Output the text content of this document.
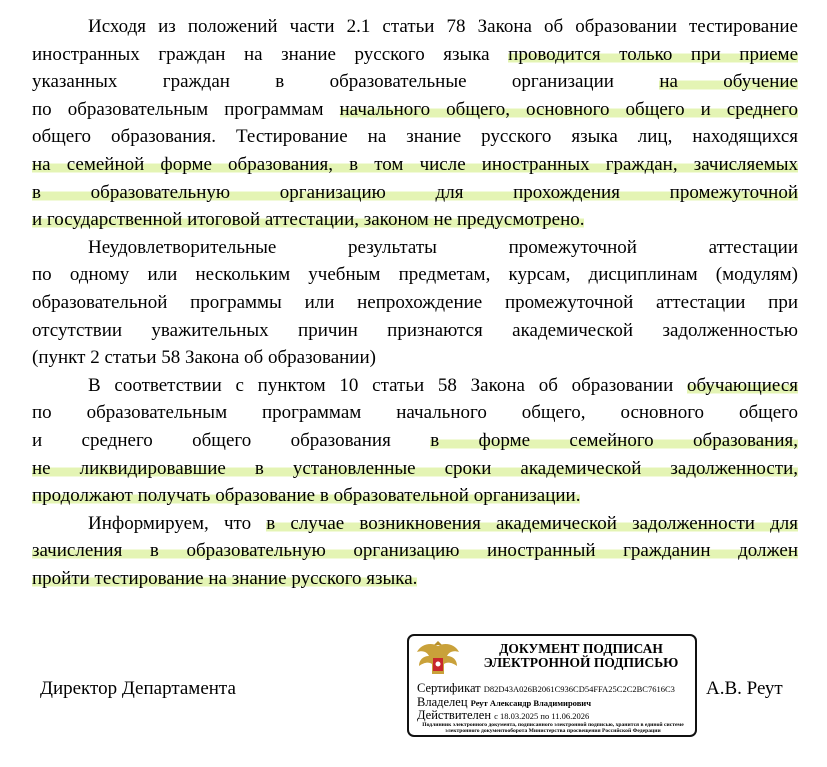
Исходя из положений части 2.1 статьи 78 Закона об образовании тестирование
иностранных граждан на знание русского языка проводится только при приеме
указанных граждан в образовательные организации на обучение
по образовательным программам начального общего, основного общего и среднего
общего образования. Тестирование на знание русского языка лиц, находящихся
на семейной форме образования, в том числе иностранных граждан, зачисляемых
в образовательную организацию для прохождения промежуточной
и государственной итоговой аттестации, законом не предусмотрено.
Неудовлетворительные результаты промежуточной аттестации
по одному или нескольким учебным предметам, курсам, дисциплинам (модулям)
образовательной программы или непрохождение промежуточной аттестации при
отсутствии уважительных причин признаются академической задолженностью
(пункт 2 статьи 58 Закона об образовании)
В соответствии с пунктом 10 статьи 58 Закона об образовании обучающиеся
по образовательным программам начального общего, основного общего
и среднего общего образования в форме семейного образования,
не ликвидировавшие в установленные сроки академической задолженности,
продолжают получать образование в образовательной организации.
Информируем, что в случае возникновения академической задолженности для
зачисления в образовательную организацию иностранный гражданин должен
пройти тестирование на знание русского языка.
Директор Департамента
ДОКУМЕНТ ПОДПИСАН
ЭЛЕКТРОННОЙ ПОДПИСЬЮ
Сертификат D82D43A026B2061C936CD54FFA25C2C2BC7616C3
Владелец Реут Александр Владимирович
Действителен с 18.03.2025 по 11.06.2026
Подлинник электронного документа, подписанного электронной подписью, хранится в единой системе электронного документооборота Министерства просвещения Российской Федерации
А.В. Реут
